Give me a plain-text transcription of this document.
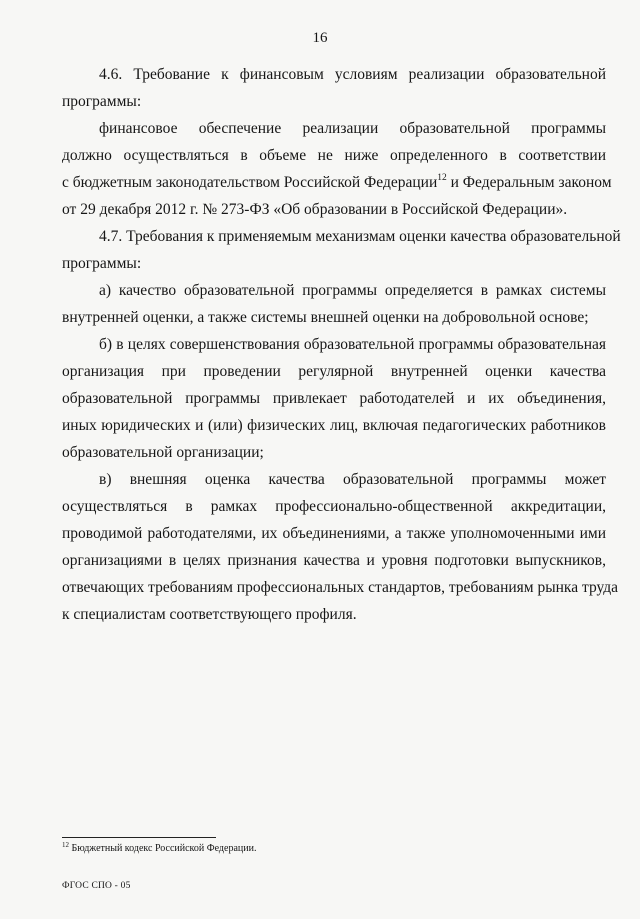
16
4.6. Требование к финансовым условиям реализации образовательной
программы:
финансовое обеспечение реализации образовательной программы
должно осуществляться в объеме не ниже определенного в соответствии
с бюджетным законодательством Российской Федерации$^{12}$ и Федеральным законом
от 29 декабря 2012 г. № 273-ФЗ «Об образовании в Российской Федерации».
4.7. Требования к применяемым механизмам оценки качества образовательной
программы:
а) качество образовательной программы определяется в рамках системы
внутренней оценки, а также системы внешней оценки на добровольной основе;
б) в целях совершенствования образовательной программы образовательная
организация при проведении регулярной внутренней оценки качества
образовательной программы привлекает работодателей и их объединения,
иных юридических и (или) физических лиц, включая педагогических работников
образовательной организации;
в) внешняя оценка качества образовательной программы может
осуществляться в рамках профессионально-общественной аккредитации,
проводимой работодателями, их объединениями, а также уполномоченными ими
организациями в целях признания качества и уровня подготовки выпускников,
отвечающих требованиям профессиональных стандартов, требованиям рынка труда
к специалистам соответствующего профиля.
$^{12}$ Бюджетный кодекс Российской Федерации.
ФГОС СПО - 05
